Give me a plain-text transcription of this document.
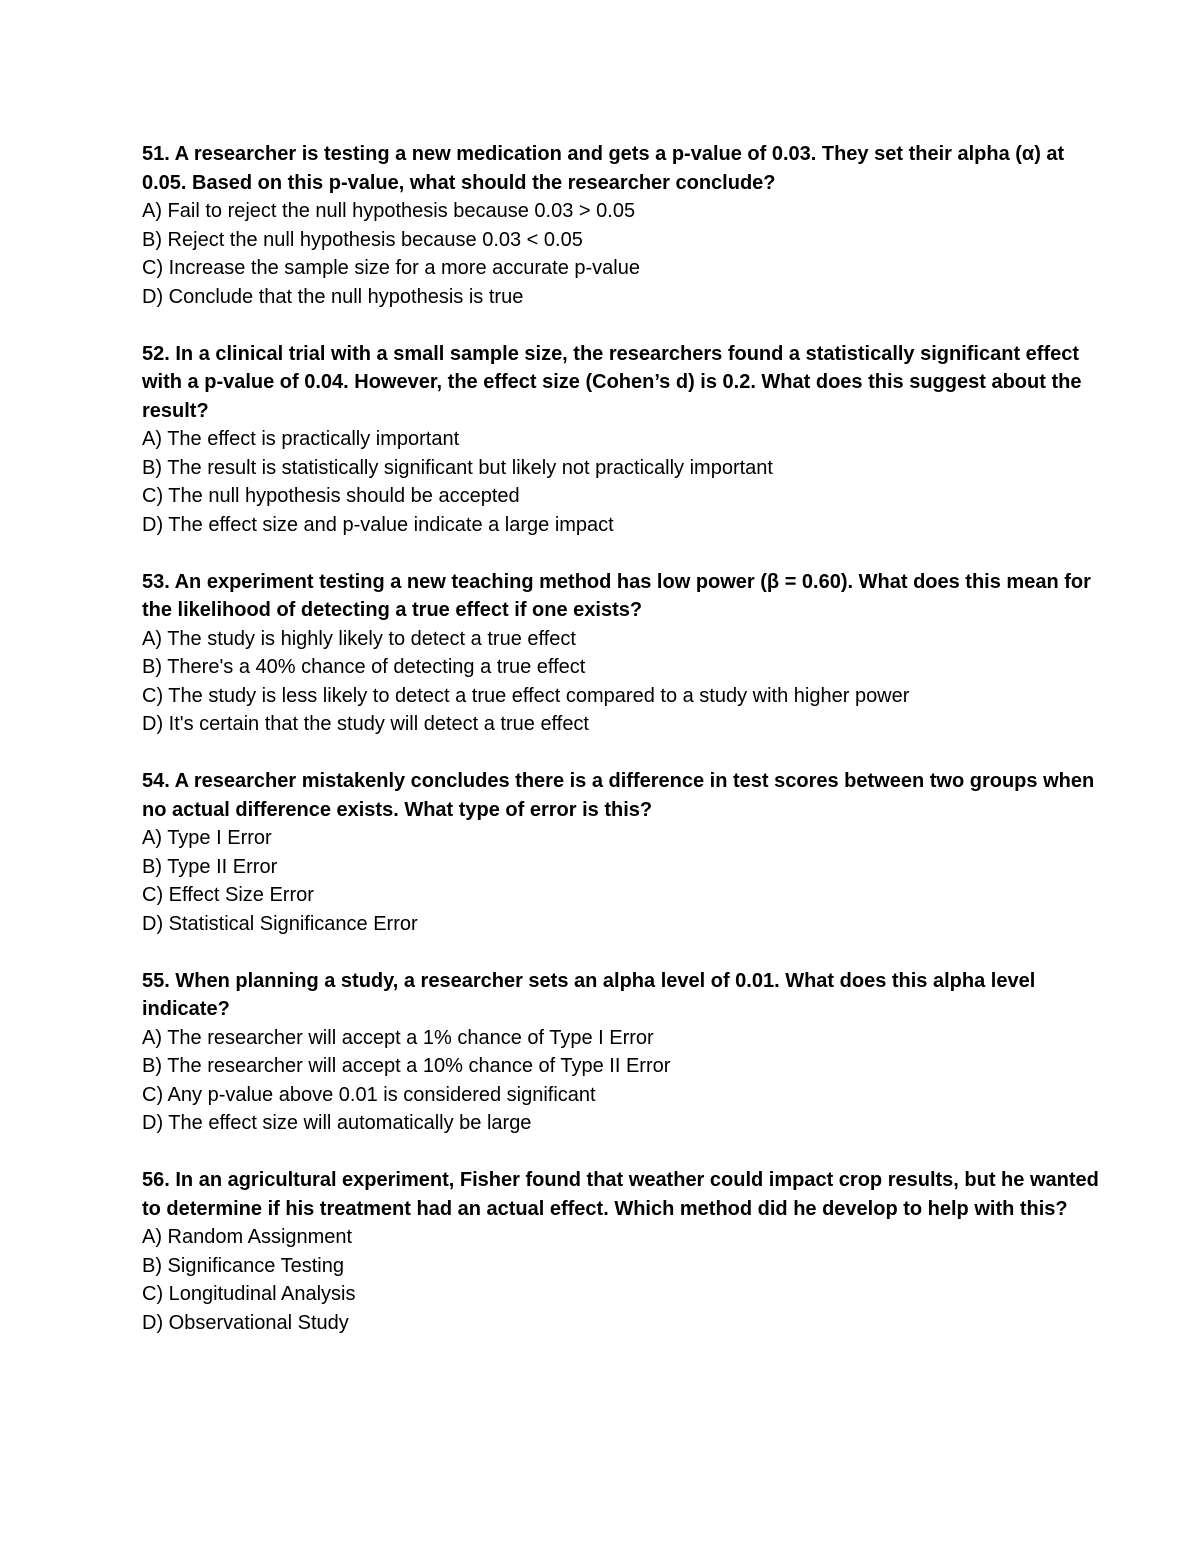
51. A researcher is testing a new medication and gets a p-value of 0.03. They set their alpha (α) at 0.05. Based on this p-value, what should the researcher conclude?

A) Fail to reject the null hypothesis because 0.03 > 0.05

B) Reject the null hypothesis because 0.03 < 0.05

C) Increase the sample size for a more accurate p-value

D) Conclude that the null hypothesis is true

52. In a clinical trial with a small sample size, the researchers found a statistically significant effect with a p-value of 0.04. However, the effect size (Cohen’s d) is 0.2. What does this suggest about the result?

A) The effect is practically important

B) The result is statistically significant but likely not practically important

C) The null hypothesis should be accepted

D) The effect size and p-value indicate a large impact

53. An experiment testing a new teaching method has low power (β = 0.60). What does this mean for the likelihood of detecting a true effect if one exists?

A) The study is highly likely to detect a true effect

B) There's a 40% chance of detecting a true effect

C) The study is less likely to detect a true effect compared to a study with higher power

D) It's certain that the study will detect a true effect

54. A researcher mistakenly concludes there is a difference in test scores between two groups when no actual difference exists. What type of error is this?

A) Type I Error

B) Type II Error

C) Effect Size Error

D) Statistical Significance Error

55. When planning a study, a researcher sets an alpha level of 0.01. What does this alpha level indicate?

A) The researcher will accept a 1% chance of Type I Error

B) The researcher will accept a 10% chance of Type II Error

C) Any p-value above 0.01 is considered significant

D) The effect size will automatically be large

56. In an agricultural experiment, Fisher found that weather could impact crop results, but he wanted to determine if his treatment had an actual effect. Which method did he develop to help with this?

A) Random Assignment

B) Significance Testing

C) Longitudinal Analysis

D) Observational Study
